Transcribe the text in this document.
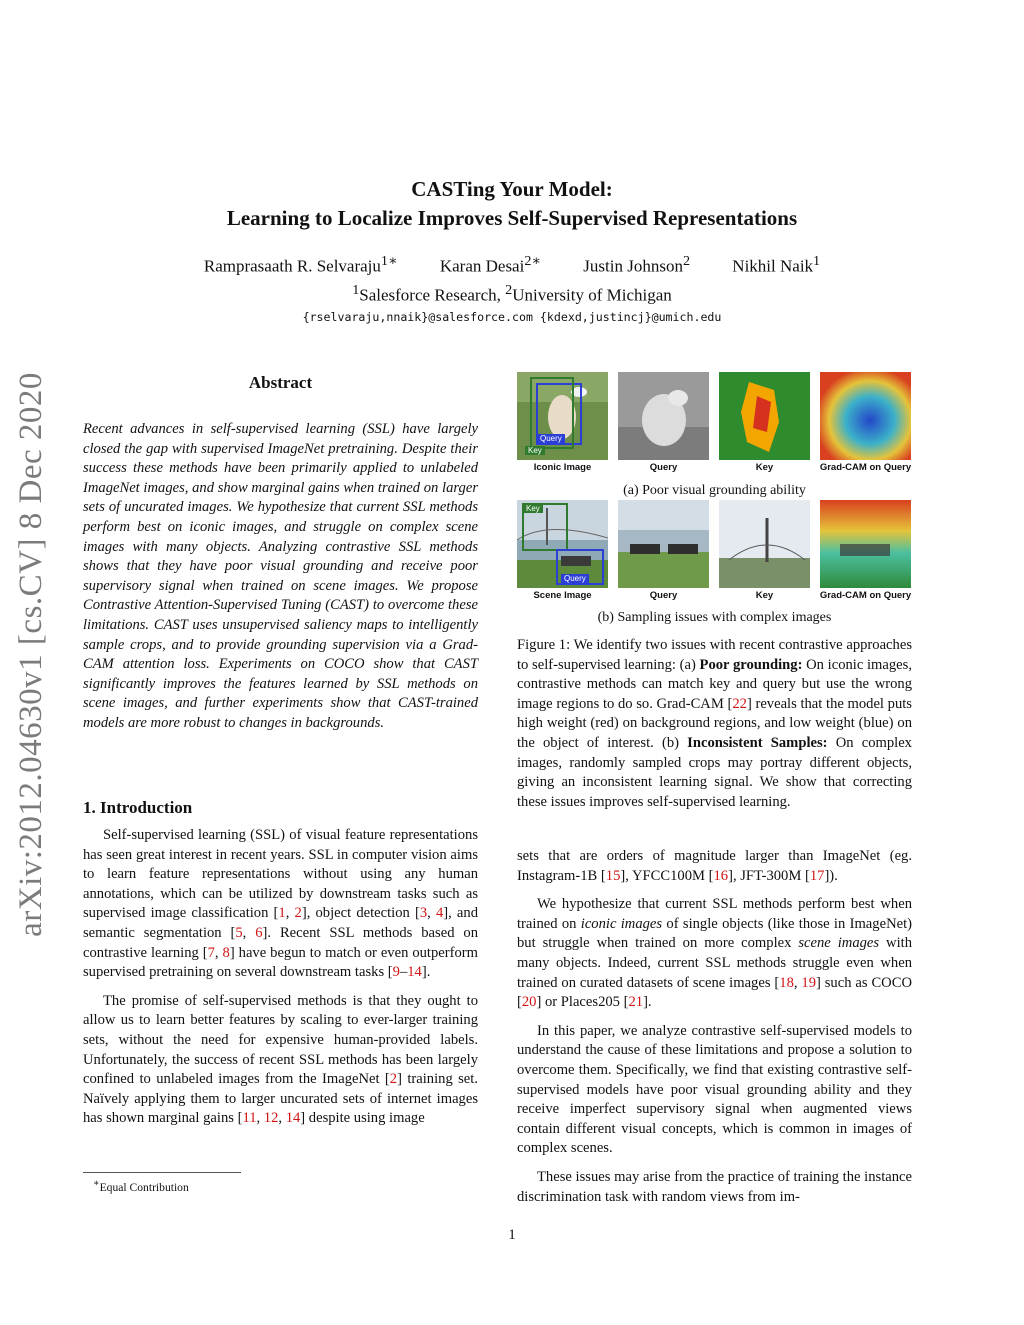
arXiv:2012.04630v1 [cs.CV] 8 Dec 2020
CASTing Your Model:
Learning to Localize Improves Self-Supervised Representations
Ramprasaath R. Selvaraju$^{1∗}$ Karan Desai$^{2∗}$ Justin Johnson$^2$ Nikhil Naik$^1$
$^1$Salesforce Research, $^2$University of Michigan
{rselvaraju,nnaik}@salesforce.com {kdexd,justincj}@umich.edu
Abstract
Recent advances in self-supervised learning (SSL) have largely closed the gap with supervised ImageNet pretraining. Despite their success these methods have been primarily applied to unlabeled ImageNet images, and show marginal gains when trained on larger sets of uncurated images. We hypothesize that current SSL methods perform best on iconic images, and struggle on complex scene images with many objects. Analyzing contrastive SSL methods shows that they have poor visual grounding and receive poor supervisory signal when trained on scene images. We propose Contrastive Attention-Supervised Tuning (CAST) to overcome these limitations. CAST uses unsupervised saliency maps to intelligently sample crops, and to provide grounding supervision via a Grad-CAM attention loss. Experiments on COCO show that CAST significantly improves the features learned by SSL methods on scene images, and further experiments show that CAST-trained models are more robust to changes in backgrounds.
1. Introduction

Self-supervised learning (SSL) of visual feature representations has seen great interest in recent years. SSL in computer vision aims to learn feature representations without using any human annotations, which can be utilized by downstream tasks such as supervised image classification [1, 2], object detection [3, 4], and semantic segmentation [5, 6]. Recent SSL methods based on contrastive learning [7, 8] have begun to match or even outperform supervised pretraining on several downstream tasks [9–14].

The promise of self-supervised methods is that they ought to allow us to learn better features by scaling to ever-larger training sets, without the need for expensive human-provided labels. Unfortunately, the success of recent SSL methods has been largely confined to unlabeled images from the ImageNet [2] training set. Naïvely applying them to larger uncurated sets of internet images has shown marginal gains [11, 12, 14] despite using image

∗Equal Contribution
Query
Key
Iconic Image	Query	Key	Grad-CAM on Query
(a) Poor visual grounding ability
Key
Query
Scene Image	Query	Key	Grad-CAM on Query
(b) Sampling issues with complex images
Figure 1: We identify two issues with recent contrastive approaches to self-supervised learning: (a) Poor grounding: On iconic images, contrastive methods can match key and query but use the wrong image regions to do so. Grad-CAM [22] reveals that the model puts high weight (red) on background regions, and low weight (blue) on the object of interest. (b) Inconsistent Samples: On complex images, randomly sampled crops may portray different objects, giving an inconsistent learning signal. We show that correcting these issues improves self-supervised learning.

sets that are orders of magnitude larger than ImageNet (eg. Instagram-1B [15], YFCC100M [16], JFT-300M [17]).

We hypothesize that current SSL methods perform best when trained on iconic images of single objects (like those in ImageNet) but struggle when trained on more complex scene images with many objects. Indeed, current SSL methods struggle even when trained on curated datasets of scene images [18, 19] such as COCO [20] or Places205 [21].

In this paper, we analyze contrastive self-supervised models to understand the cause of these limitations and propose a solution to overcome them. Specifically, we find that existing contrastive self-supervised models have poor visual grounding ability and they receive imperfect supervisory signal when augmented views contain different visual concepts, which is common in images of complex scenes.

These issues may arise from the practice of training the instance discrimination task with random views from im-

1
